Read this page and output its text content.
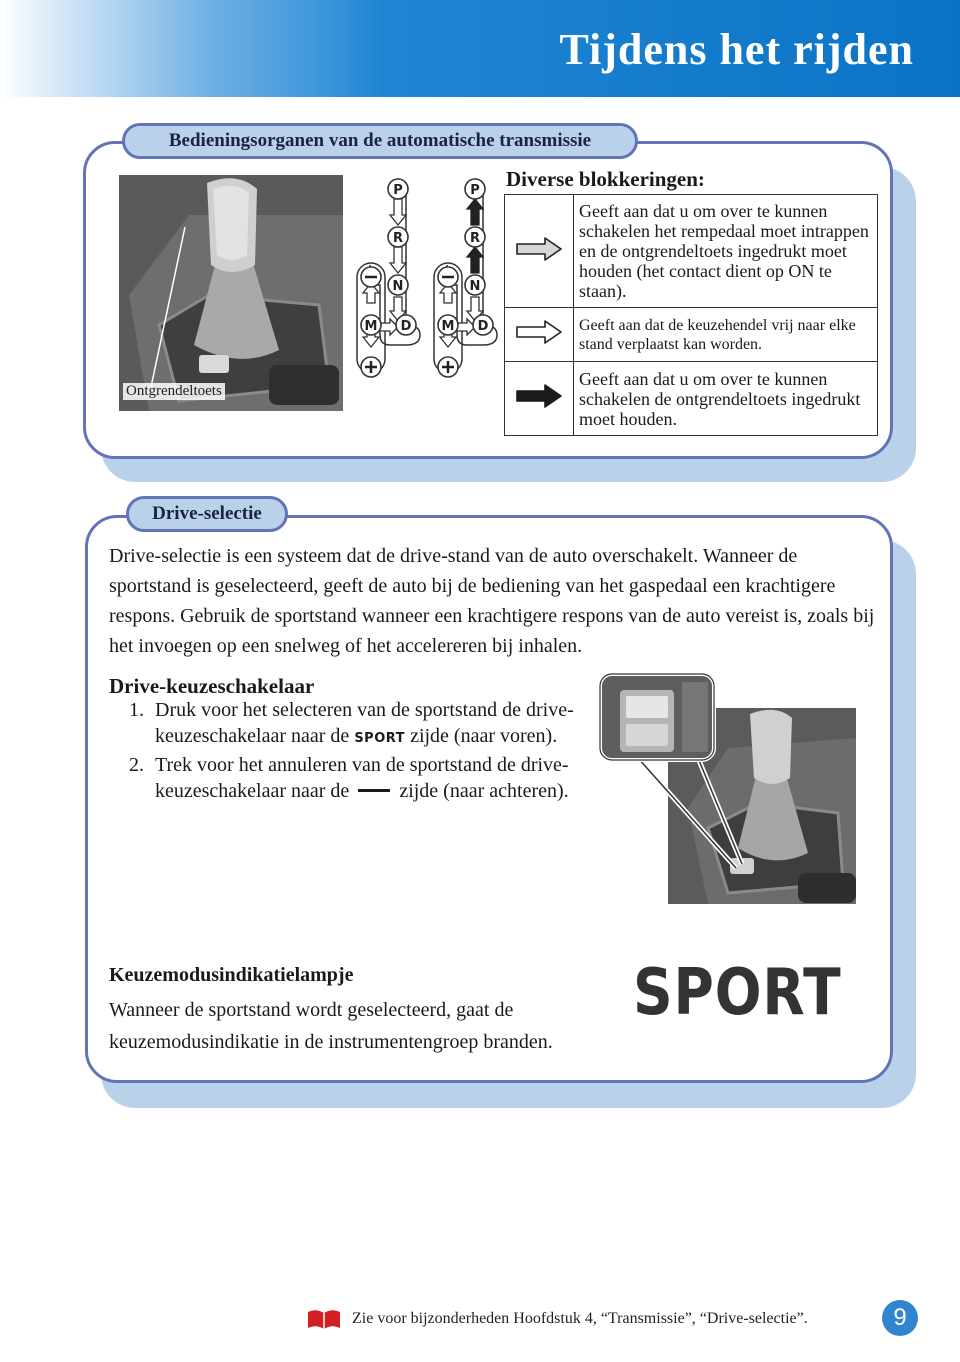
Tijdens het rijden
Bedieningsorganen van de automatische transmissie
Ontgrendeltoets
P
R
N
D
M
P
R
N
D
M
Diverse blokkeringen:
	Geeft aan dat u om over te kunnen schakelen het rempedaal moet intrappen en de ontgrendeltoets ingedrukt moet houden (het contact dient op ON te staan).
	Geeft aan dat de keuzehendel vrij naar elke stand verplaatst kan worden.
	Geeft aan dat u om over te kunnen schakelen de ontgrendeltoets ingedrukt moet houden.
Drive-selectie
Drive-selectie is een systeem dat de drive-stand van de auto overschakelt. Wanneer de sportstand is geselecteerd, geeft de auto bij de bediening van het gaspedaal een krachtigere respons. Gebruik de sportstand wanneer een krachtigere respons van de auto vereist is, zoals bij het invoegen op een snelweg of het accelereren bij inhalen.
Drive-keuzeschakelaar
1. Druk voor het selecteren van de sportstand de drive-keuzeschakelaar naar de SPORT zijde (naar voren).
2. Trek voor het annuleren van de sportstand de drive-keuzeschakelaar naar de	zijde (naar achteren).
Keuzemodusindikatielampje
Wanneer de sportstand wordt geselecteerd, gaat de keuzemodusindikatie in de instrumentengroep branden.
SPORT
Zie voor bijzonderheden Hoofdstuk 4, “Transmissie”, “Drive-selectie”.	9
